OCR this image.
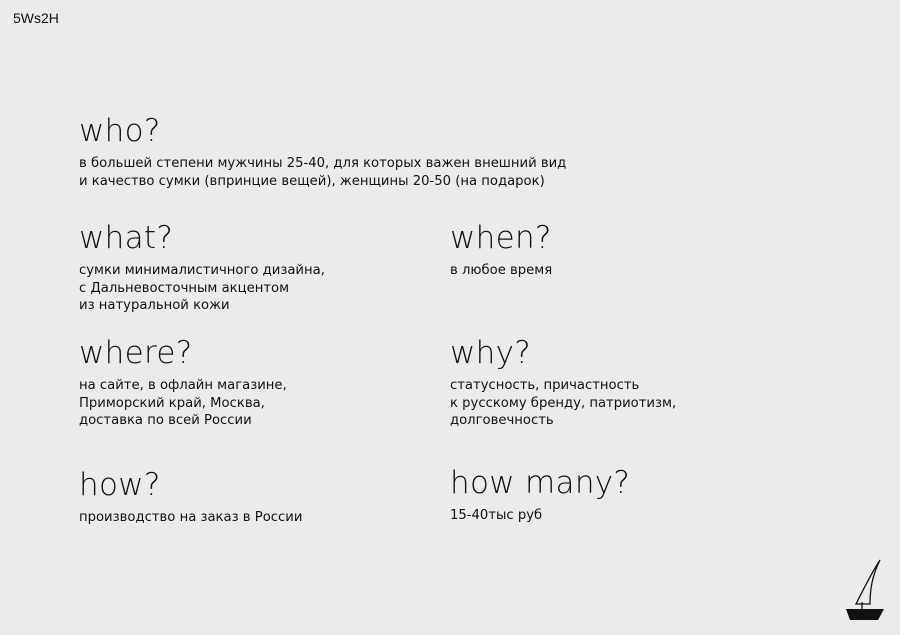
5Ws2H
who?
в большей степени мужчины 25-40, для которых важен внешний вид
и качество сумки (впринцие вещей), женщины 20-50 (на подарок)
what?
сумки минималистичного дизайна,
с Дальневосточным акцентом
из натуральной кожи
when?
в любое время
where?
на сайте, в офлайн магазине,
Приморский край, Москва,
доставка по всей России
why?
статусность, причастность
к русскому бренду, патриотизм,
долговечность
how?
производство на заказ в России
how many?
15-40тыс руб
